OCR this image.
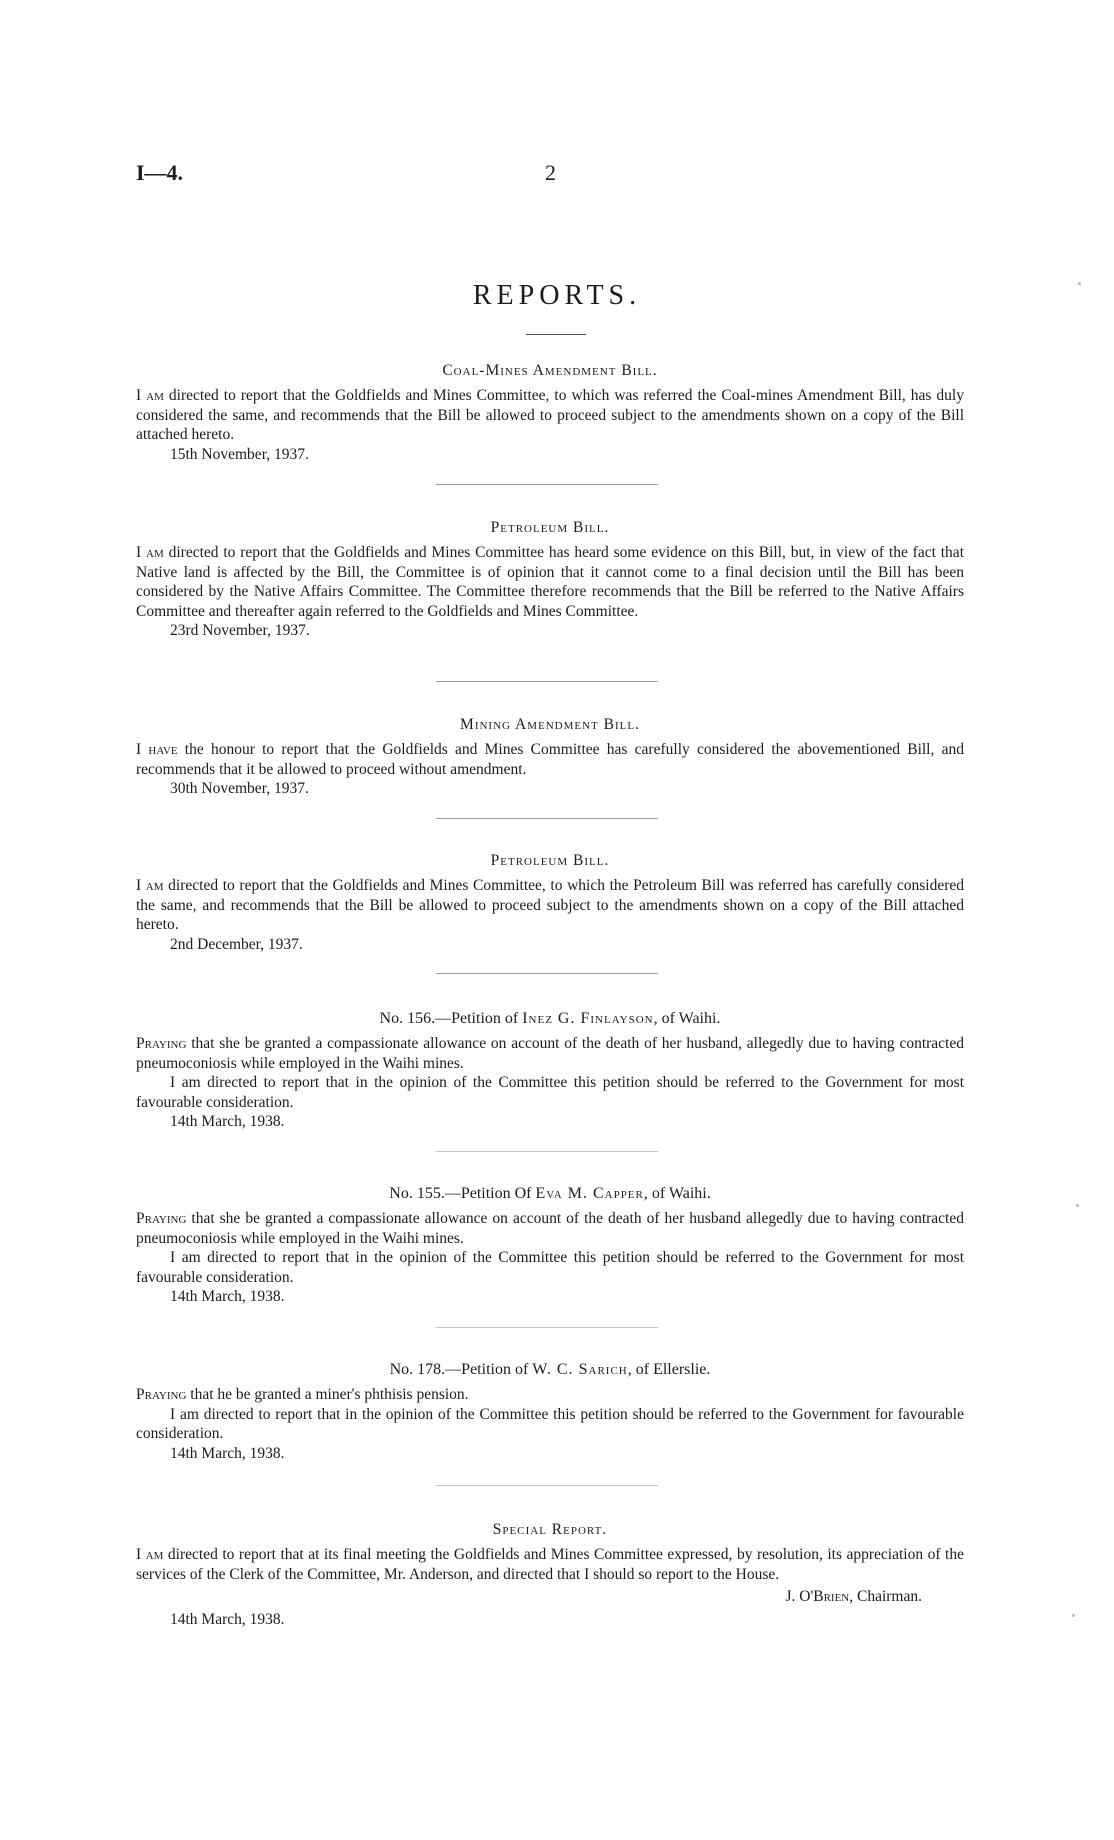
I—4.	2
REPORTS.

Coal-Mines Amendment Bill.

I am directed to report that the Goldfields and Mines Committee, to which was referred the Coal-mines Amendment Bill, has duly considered the same, and recommends that the Bill be allowed to proceed subject to the amendments shown on a copy of the Bill attached hereto.

15th November, 1937.

Petroleum Bill.

I am directed to report that the Goldfields and Mines Committee has heard some evidence on this Bill, but, in view of the fact that Native land is affected by the Bill, the Committee is of opinion that it cannot come to a final decision until the Bill has been considered by the Native Affairs Committee. The Committee therefore recommends that the Bill be referred to the Native Affairs Committee and thereafter again referred to the Goldfields and Mines Committee.

23rd November, 1937.

Mining Amendment Bill.

I have the honour to report that the Goldfields and Mines Committee has carefully considered the abovementioned Bill, and recommends that it be allowed to proceed without amendment.

30th November, 1937.

Petroleum Bill.

I am directed to report that the Goldfields and Mines Committee, to which the Petroleum Bill was referred has carefully considered the same, and recommends that the Bill be allowed to proceed subject to the amendments shown on a copy of the Bill attached hereto.

2nd December, 1937.

No. 156.—Petition of Inez G. Finlayson, of Waihi.

Praying that she be granted a compassionate allowance on account of the death of her husband, allegedly due to having contracted pneumoconiosis while employed in the Waihi mines.

I am directed to report that in the opinion of the Committee this petition should be referred to the Government for most favourable consideration.

14th March, 1938.

No. 155.—Petition Of Eva M. Capper, of Waihi.

Praying that she be granted a compassionate allowance on account of the death of her husband allegedly due to having contracted pneumoconiosis while employed in the Waihi mines.

I am directed to report that in the opinion of the Committee this petition should be referred to the Government for most favourable consideration.

14th March, 1938.

No. 178.—Petition of W. C. Sarich, of Ellerslie.

Praying that he be granted a miner's phthisis pension.

I am directed to report that in the opinion of the Committee this petition should be referred to the Government for favourable consideration.

14th March, 1938.

Special Report.

I am directed to report that at its final meeting the Goldfields and Mines Committee expressed, by resolution, its appreciation of the services of the Clerk of the Committee, Mr. Anderson, and directed that I should so report to the House.

J. O'Brien, Chairman.

14th March, 1938.
